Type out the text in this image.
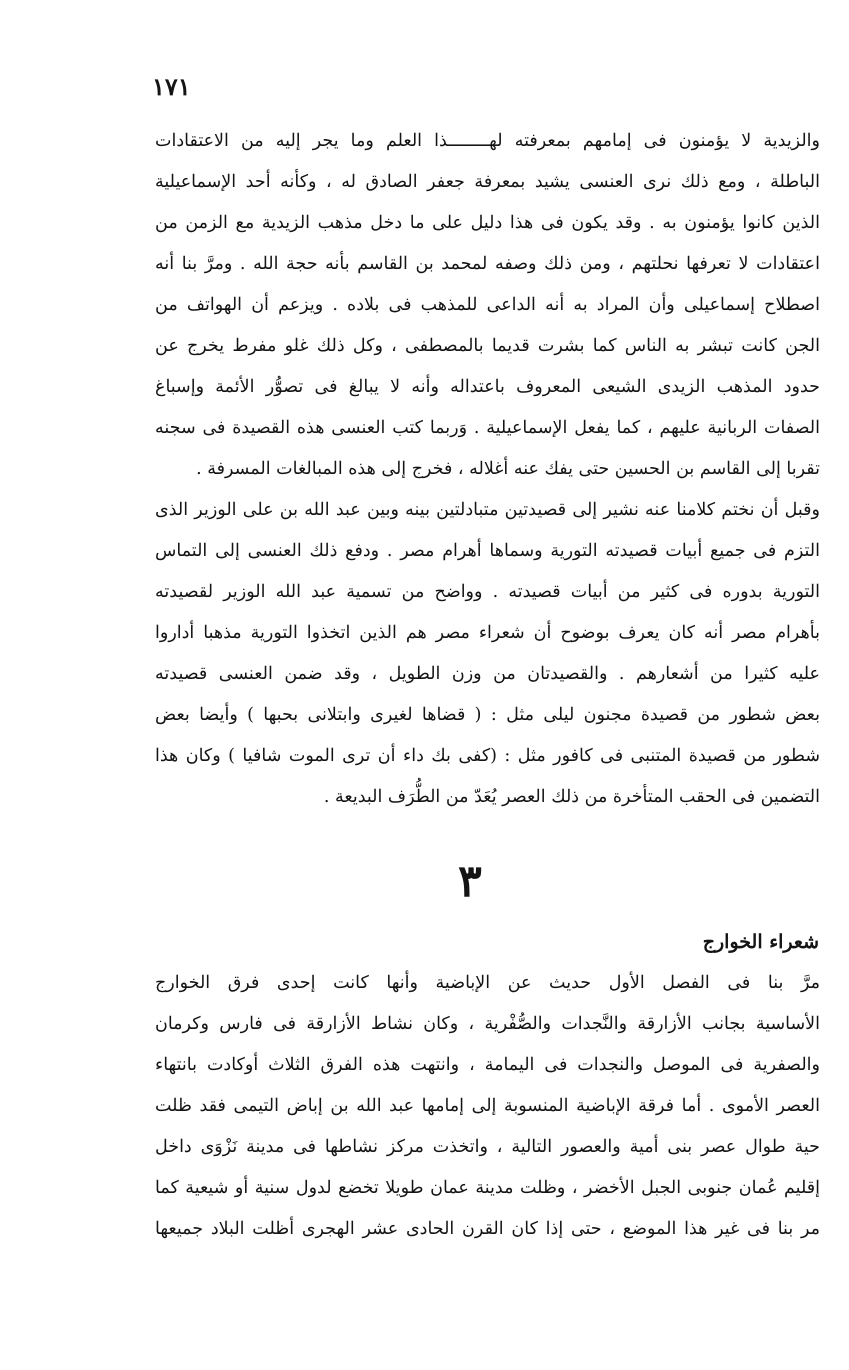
١٧١
والزيدية لا يؤمنون فى إمامهم بمعرفته لهــــــــذا العلم وما يجر إليه من الاعتقادات
الباطلة ، ومع ذلك نرى العنسى يشيد بمعرفة جعفر الصادق له ، وكأنه أحد الإسماعيلية
الذين كانوا يؤمنون به . وقد يكون فى هذا دليل على ما دخل مذهب الزيدية مع الزمن من
اعتقادات لا تعرفها نحلتهم ، ومن ذلك وصفه لمحمد بن القاسم بأنه حجة الله . ومرَّ بنا أنه
اصطلاح إسماعيلى وأن المراد به أنه الداعى للمذهب فى بلاده . ويزعم أن الهواتف من
الجن كانت تبشر به الناس كما بشرت قديما بالمصطفى ، وكل ذلك غلو مفرط يخرج عن
حدود المذهب الزيدى الشيعى المعروف باعتداله وأنه لا يبالغ فى تصوُّر الأئمة وإسباغ
الصفات الربانية عليهم ، كما يفعل الإسماعيلية . وَربما كتب العنسى هذه القصيدة فى سجنه
تقربا إلى القاسم بن الحسين حتى يفك عنه أغلاله ، فخرج إلى هذه المبالغات المسرفة .
وقبل أن نختم كلامنا عنه نشير إلى قصيدتين متبادلتين بينه وبين عبد الله بن على الوزير الذى
التزم فى جميع أبيات قصيدته التورية وسماها أهرام مصر . ودفع ذلك العنسى إلى التماس
التورية بدوره فى كثير من أبيات قصيدته . وواضح من تسمية عبد الله الوزير لقصيدته
بأهرام مصر أنه كان يعرف بوضوح أن شعراء مصر هم الذين اتخذوا التورية مذهبا أداروا
عليه كثيرا من أشعارهم . والقصيدتان من وزن الطويل ، وقد ضمن العنسى قصيدته
بعض شطور من قصيدة مجنون ليلى مثل : ( قضاها لغيرى وابتلانى بحبها ) وأيضا بعض
شطور من قصيدة المتنبى فى كافور مثل : (كفى بك داء أن ترى الموت شافيا ) وكان هذا
التضمين فى الحقب المتأخرة من ذلك العصر يُعَدّ من الطُّرَف البديعة .
٣
شعراء الخوارج
مرَّ بنا فى الفصل الأول حديث عن الإباضية وأنها كانت إحدى فرق الخوارج
الأساسية بجانب الأزارقة والنَّجدات والصُّفْرية ، وكان نشاط الأزارقة فى فارس وكرمان
والصفرية فى الموصل والنجدات فى اليمامة ، وانتهت هذه الفرق الثلاث أوكادت بانتهاء
العصر الأموى . أما فرقة الإباضية المنسوبة إلى إمامها عبد الله بن إباض التيمى فقد ظلت
حية طوال عصر بنى أمية والعصور التالية ، واتخذت مركز نشاطها فى مدينة نَزْوَى داخل
إقليم عُمان جنوبى الجبل الأخضر ، وظلت مدينة عمان طويلا تخضع لدول سنية أو شيعية كما
مر بنا فى غير هذا الموضع ، حتى إذا كان القرن الحادى عشر الهجرى أظلت البلاد جميعها
